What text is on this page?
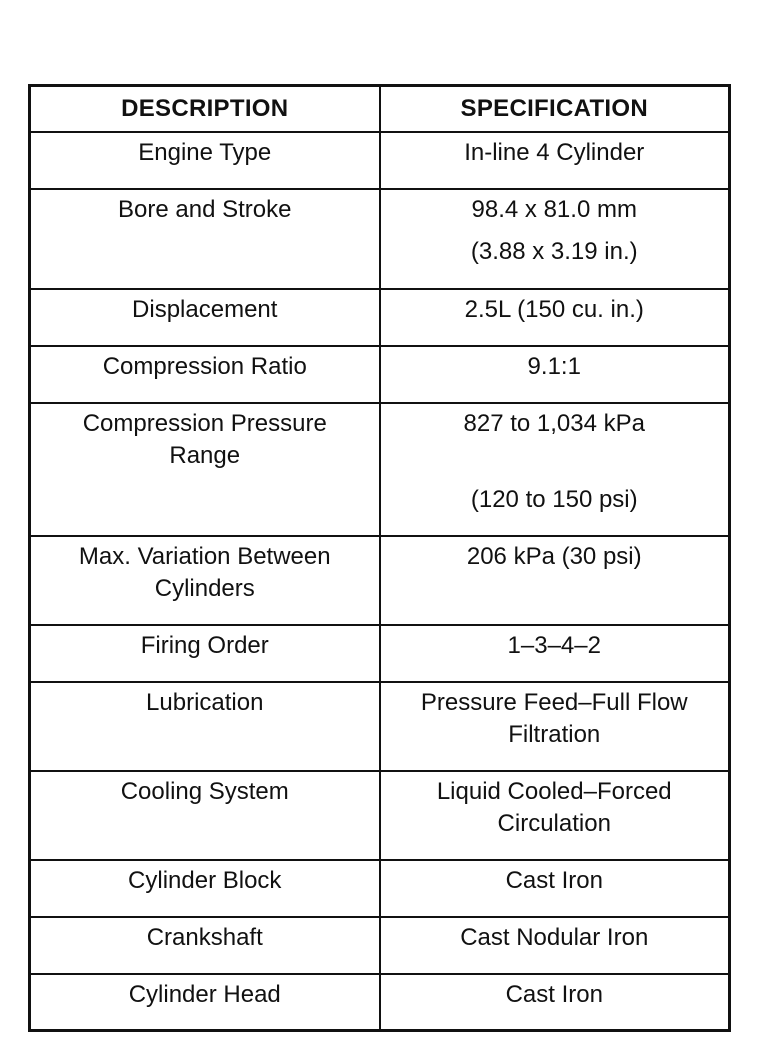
DESCRIPTION	SPECIFICATION

Engine Type	In-line 4 Cylinder

Bore and Stroke	98.4 x 81.0 mm
(3.88 x 3.19 in.)

Displacement	2.5L (150 cu. in.)

Compression Ratio	9.1:1

Compression Pressure
Range	827 to 1,034 kPa
(120 to 150 psi)

Max. Variation Between
Cylinders	206 kPa (30 psi)

Firing Order	1–3–4–2

Lubrication	Pressure Feed–Full Flow
Filtration

Cooling System	Liquid Cooled–Forced
Circulation

Cylinder Block	Cast Iron

Crankshaft	Cast Nodular Iron

Cylinder Head	Cast Iron
